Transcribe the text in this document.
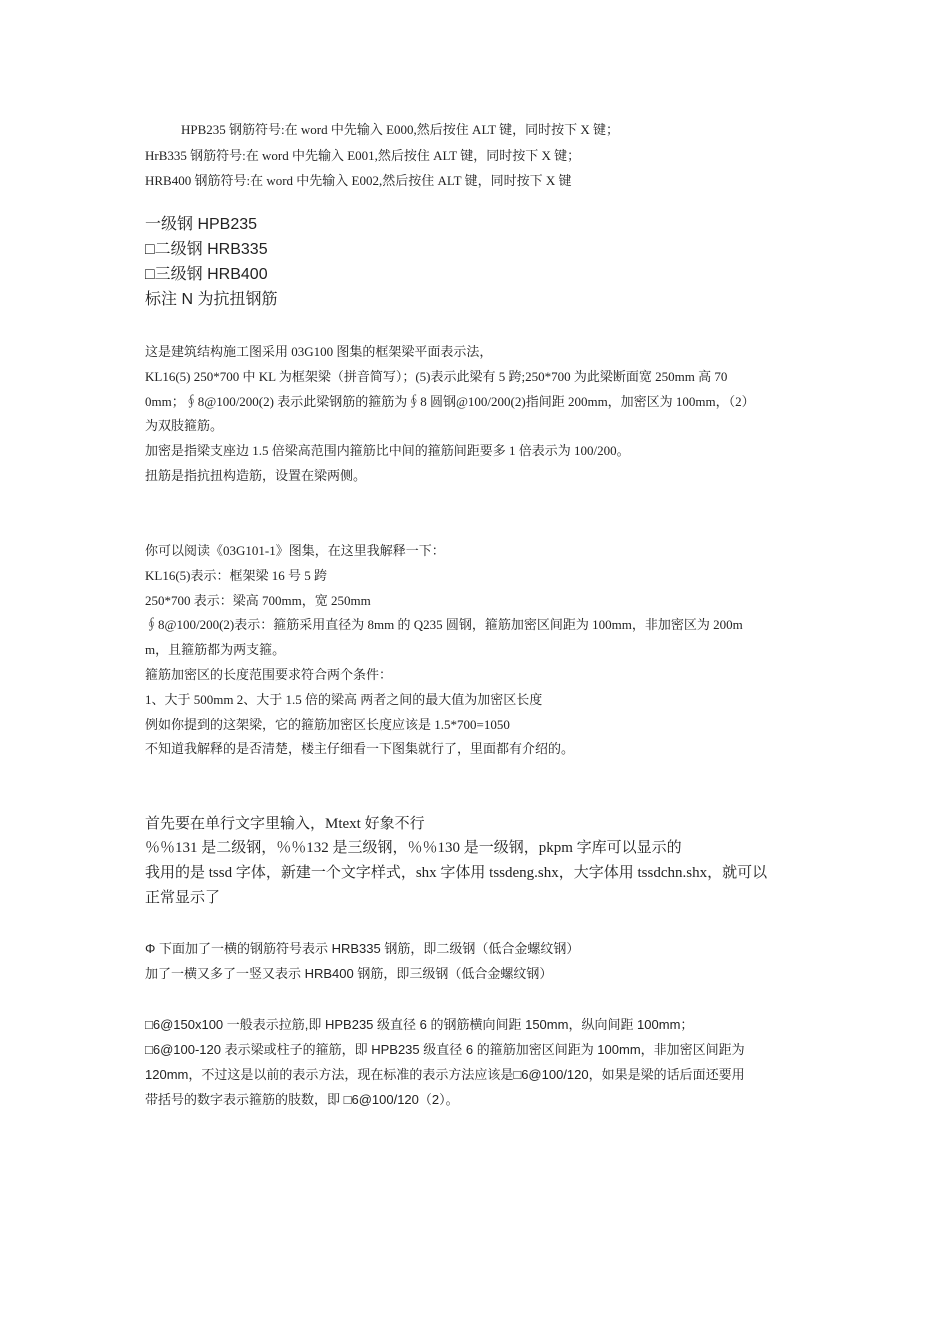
HPB235 钢筋符号:在 word 中先输入 E000,然后按住 ALT 键，同时按下 X 键；

HrB335 钢筋符号:在 word 中先输入 E001,然后按住 ALT 键，同时按下 X 键；

HRB400 钢筋符号:在 word 中先输入 E002,然后按住 ALT 键，同时按下 X 键

一级钢 HPB235

□二级钢 HRB335

□三级钢 HRB400

标注 N 为抗扭钢筋

这是建筑结构施工图采用 03G100 图集的框架梁平面表示法，

KL16(5) 250*700 中 KL 为框架梁（拼音简写）；(5)表示此梁有 5 跨;250*700 为此梁断面宽 250mm 高 70

0mm；∮8@100/200(2) 表示此梁钢筋的箍筋为∮8 圆钢@100/200(2)指间距 200mm，加密区为 100mm，（2）

为双肢箍筋。

加密是指梁支座边 1.5 倍梁高范围内箍筋比中间的箍筋间距要多 1 倍表示为 100/200。

扭筋是指抗扭构造筋，设置在梁两侧。

你可以阅读《03G101-1》图集，在这里我解释一下：

KL16(5)表示：框架梁 16 号 5 跨

250*700 表示：梁高 700mm，宽 250mm

∮8@100/200(2)表示：箍筋采用直径为 8mm 的 Q235 圆钢，箍筋加密区间距为 100mm，非加密区为 200m

m，且箍筋都为两支箍。

箍筋加密区的长度范围要求符合两个条件：

1、大于 500mm 2、大于 1.5 倍的梁高 两者之间的最大值为加密区长度

例如你提到的这架梁，它的箍筋加密区长度应该是 1.5*700=1050

不知道我解释的是否清楚，楼主仔细看一下图集就行了，里面都有介绍的。

首先要在单行文字里输入，Mtext 好象不行

％％131 是二级钢，％％132 是三级钢，％％130 是一级钢，pkpm 字库可以显示的

我用的是 tssd 字体，新建一个文字样式，shx 字体用 tssdeng.shx，大字体用 tssdchn.shx，就可以

正常显示了

Φ 下面加了一横的钢筋符号表示 HRB335 钢筋，即二级钢（低合金螺纹钢）

加了一横又多了一竖又表示 HRB400 钢筋，即三级钢（低合金螺纹钢）

□6@150x100 一般表示拉筋,即 HPB235 级直径 6 的钢筋横向间距 150mm，纵向间距 100mm；

□6@100-120 表示梁或柱子的箍筋，即 HPB235 级直径 6 的箍筋加密区间距为 100mm，非加密区间距为

120mm，不过这是以前的表示方法，现在标准的表示方法应该是□6@100/120，如果是梁的话后面还要用

带括号的数字表示箍筋的肢数，即 □6@100/120（2）。
